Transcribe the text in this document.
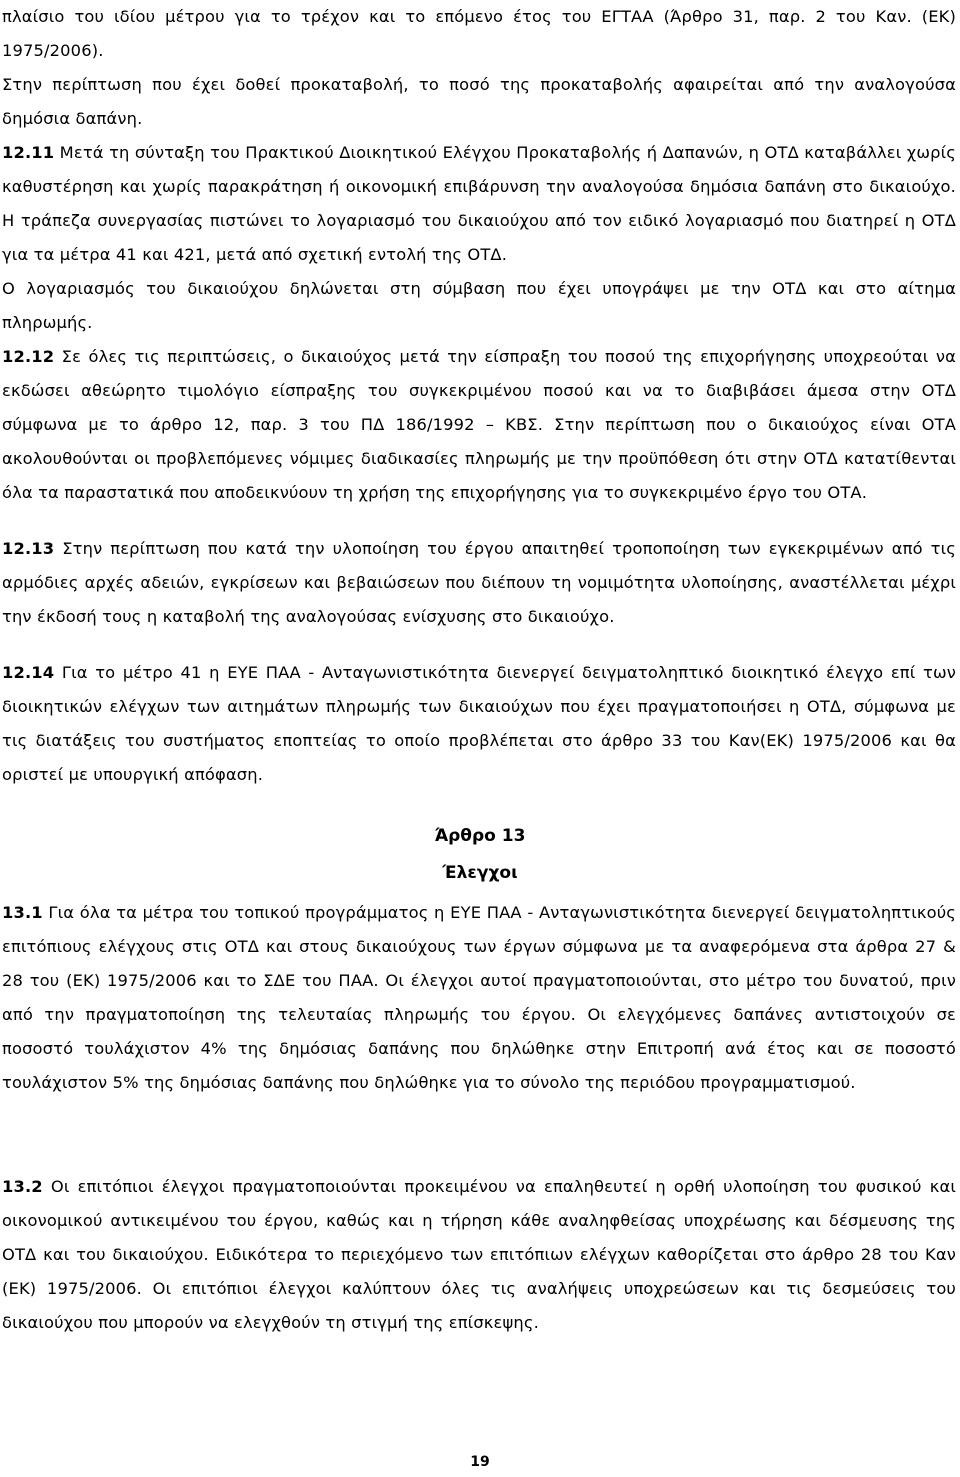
πλαίσιο του ιδίου μέτρου για το τρέχον και το επόμενο έτος του ΕΓΤΑΑ (Άρθρο 31, παρ. 2 του Καν. (ΕΚ) 1975/2006).

Στην περίπτωση που έχει δοθεί προκαταβολή, το ποσό της προκαταβολής αφαιρείται από την αναλογούσα δημόσια δαπάνη.

12.11 Μετά τη σύνταξη του Πρακτικού Διοικητικού Ελέγχου Προκαταβολής ή Δαπανών, η ΟΤΔ καταβάλλει χωρίς καθυστέρηση και χωρίς παρακράτηση ή οικονομική επιβάρυνση την αναλογούσα δημόσια δαπάνη στο δικαιούχο. Η τράπεζα συνεργασίας πιστώνει το λογαριασμό του δικαιούχου από τον ειδικό λογαριασμό που διατηρεί η ΟΤΔ για τα μέτρα 41 και 421, μετά από σχετική εντολή της ΟΤΔ.

Ο λογαριασμός του δικαιούχου δηλώνεται στη σύμβαση που έχει υπογράψει με την ΟΤΔ και στο αίτημα πληρωμής.

12.12 Σε όλες τις περιπτώσεις, ο δικαιούχος μετά την είσπραξη του ποσού της επιχορήγησης υποχρεούται να εκδώσει αθεώρητο τιμολόγιο είσπραξης του συγκεκριμένου ποσού και να το διαβιβάσει άμεσα στην ΟΤΔ σύμφωνα με το άρθρο 12, παρ. 3 του ΠΔ 186/1992 – ΚΒΣ. Στην περίπτωση που ο δικαιούχος είναι ΟΤΑ ακολουθούνται οι προβλεπόμενες νόμιμες διαδικασίες πληρωμής με την προϋπόθεση ότι στην ΟΤΔ κατατίθενται όλα τα παραστατικά που αποδεικνύουν τη χρήση της επιχορήγησης για το συγκεκριμένο έργο του ΟΤΑ.

12.13 Στην περίπτωση που κατά την υλοποίηση του έργου απαιτηθεί τροποποίηση των εγκεκριμένων από τις αρμόδιες αρχές αδειών, εγκρίσεων και βεβαιώσεων που διέπουν τη νομιμότητα υλοποίησης, αναστέλλεται μέχρι την έκδοσή τους η καταβολή της αναλογούσας ενίσχυσης στο δικαιούχο.

12.14 Για το μέτρο 41 η ΕΥΕ ΠΑΑ - Ανταγωνιστικότητα διενεργεί δειγματοληπτικό διοικητικό έλεγχο επί των διοικητικών ελέγχων των αιτημάτων πληρωμής των δικαιούχων που έχει πραγματοποιήσει η ΟΤΔ, σύμφωνα με τις διατάξεις του συστήματος εποπτείας το οποίο προβλέπεται στο άρθρο 33 του Καν(ΕΚ) 1975/2006 και θα οριστεί με υπουργική απόφαση.

Άρθρο 13
Έλεγχοι

13.1 Για όλα τα μέτρα του τοπικού προγράμματος η ΕΥΕ ΠΑΑ - Ανταγωνιστικότητα διενεργεί δειγματοληπτικούς επιτόπιους ελέγχους στις ΟΤΔ και στους δικαιούχους των έργων σύμφωνα με τα αναφερόμενα στα άρθρα 27 & 28 του (ΕΚ) 1975/2006 και το ΣΔΕ του ΠΑΑ. Οι έλεγχοι αυτοί πραγματοποιούνται, στο μέτρο του δυνατού, πριν από την πραγματοποίηση της τελευταίας πληρωμής του έργου. Οι ελεγχόμενες δαπάνες αντιστοιχούν σε ποσοστό τουλάχιστον 4% της δημόσιας δαπάνης που δηλώθηκε στην Επιτροπή ανά έτος και σε ποσοστό τουλάχιστον 5% της δημόσιας δαπάνης που δηλώθηκε για το σύνολο της περιόδου προγραμματισμού.

13.2 Οι επιτόπιοι έλεγχοι πραγματοποιούνται προκειμένου να επαληθευτεί η ορθή υλοποίηση του φυσικού και οικονομικού αντικειμένου του έργου, καθώς και η τήρηση κάθε αναληφθείσας υποχρέωσης και δέσμευσης της ΟΤΔ και του δικαιούχου. Ειδικότερα το περιεχόμενο των επιτόπιων ελέγχων καθορίζεται στο άρθρο 28 του Καν (ΕΚ) 1975/2006. Οι επιτόπιοι έλεγχοι καλύπτουν όλες τις αναλήψεις υποχρεώσεων και τις δεσμεύσεις του δικαιούχου που μπορούν να ελεγχθούν τη στιγμή της επίσκεψης.

19
